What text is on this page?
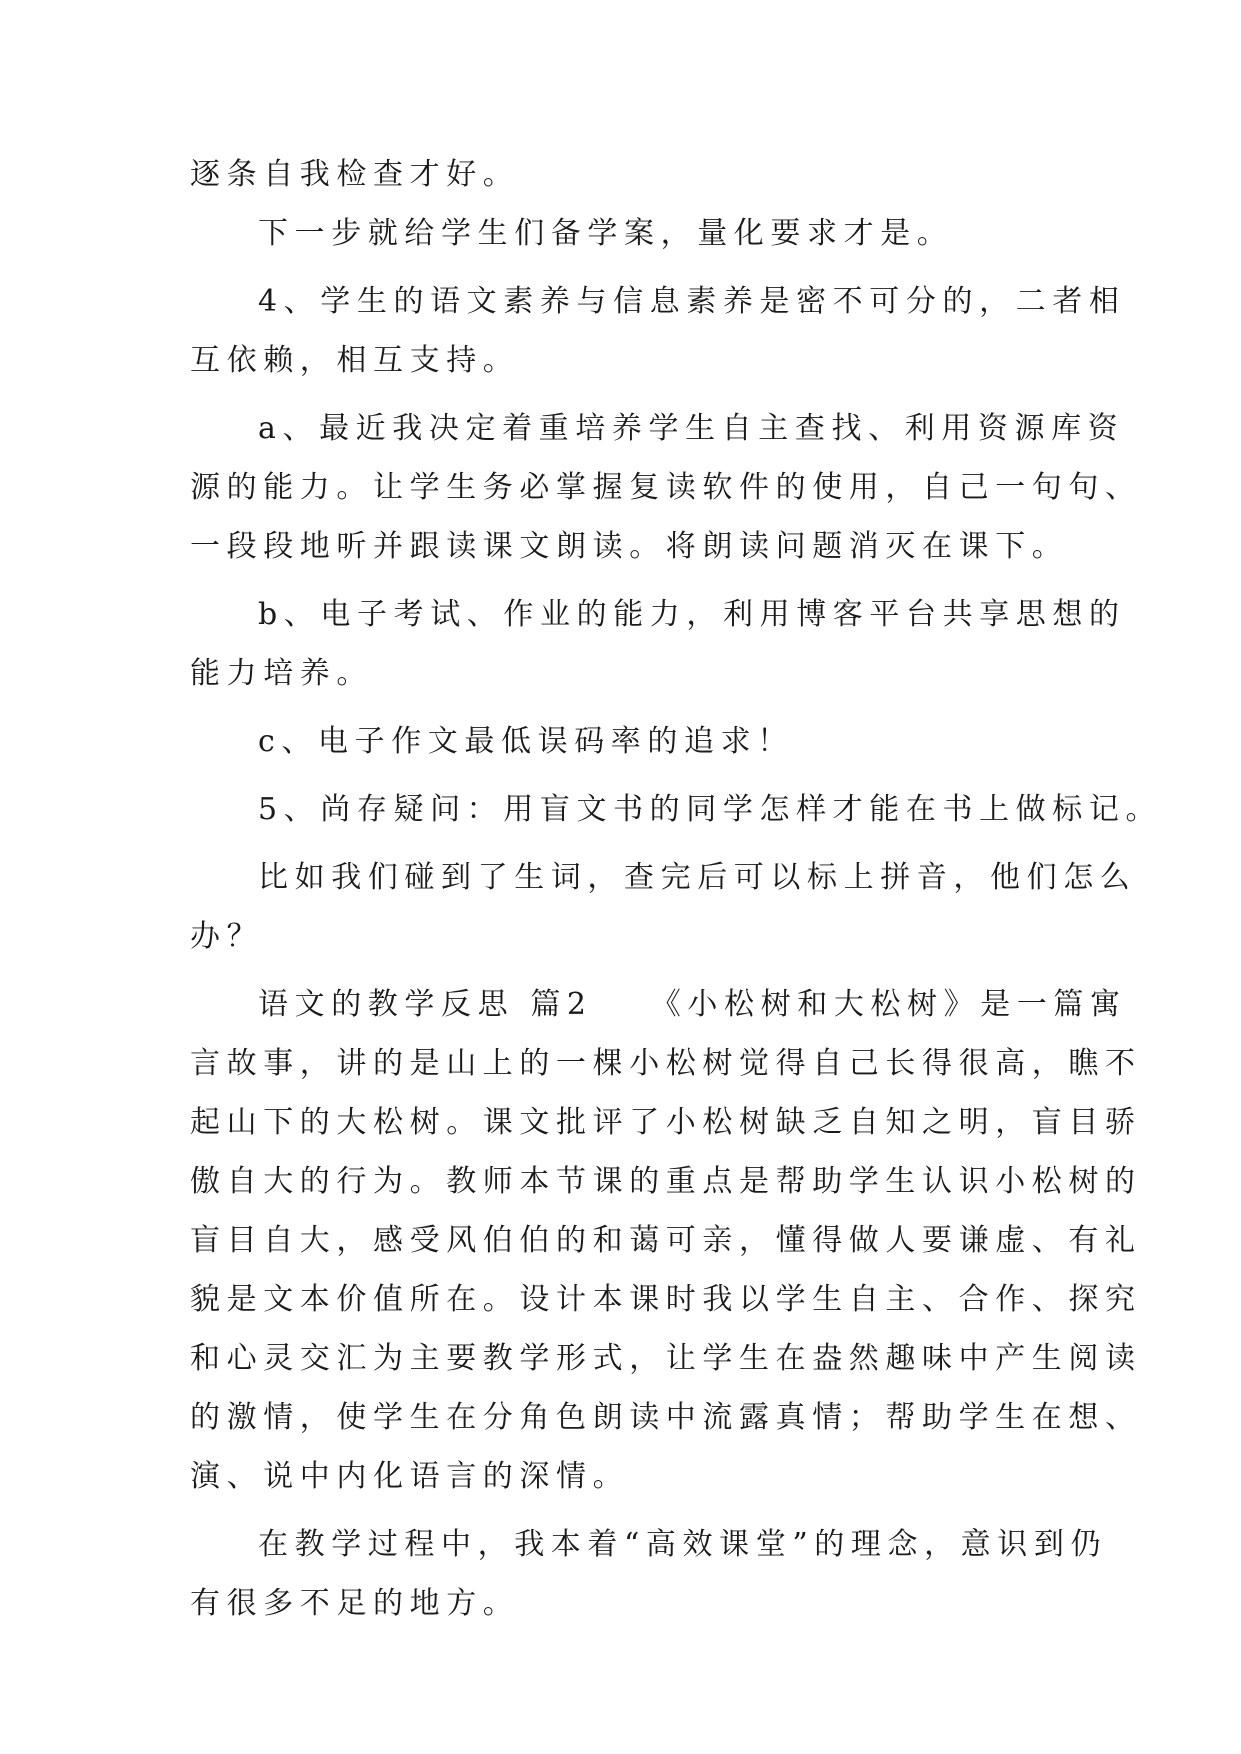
逐条自我检查才好。
下一步就给学生们备学案，量化要求才是。
4、学生的语文素养与信息素养是密不可分的，二者相
互依赖，相互支持。
a、最近我决定着重培养学生自主查找、利用资源库资
源的能力。让学生务必掌握复读软件的使用，自己一句句、
一段段地听并跟读课文朗读。将朗读问题消灭在课下。
b、电子考试、作业的能力，利用博客平台共享思想的
能力培养。
c、电子作文最低误码率的追求！
5、尚存疑问：用盲文书的同学怎样才能在书上做标记。
比如我们碰到了生词，查完后可以标上拼音，他们怎么
办？
语文的教学反思 篇2　　《小松树和大松树》是一篇寓
言故事，讲的是山上的一棵小松树觉得自己长得很高，瞧不
起山下的大松树。课文批评了小松树缺乏自知之明，盲目骄
傲自大的行为。教师本节课的重点是帮助学生认识小松树的
盲目自大，感受风伯伯的和蔼可亲，懂得做人要谦虚、有礼
貌是文本价值所在。设计本课时我以学生自主、合作、探究
和心灵交汇为主要教学形式，让学生在盎然趣味中产生阅读
的激情，使学生在分角色朗读中流露真情；帮助学生在想、
演、说中内化语言的深情。
在教学过程中，我本着“高效课堂”的理念，意识到仍
有很多不足的地方。
